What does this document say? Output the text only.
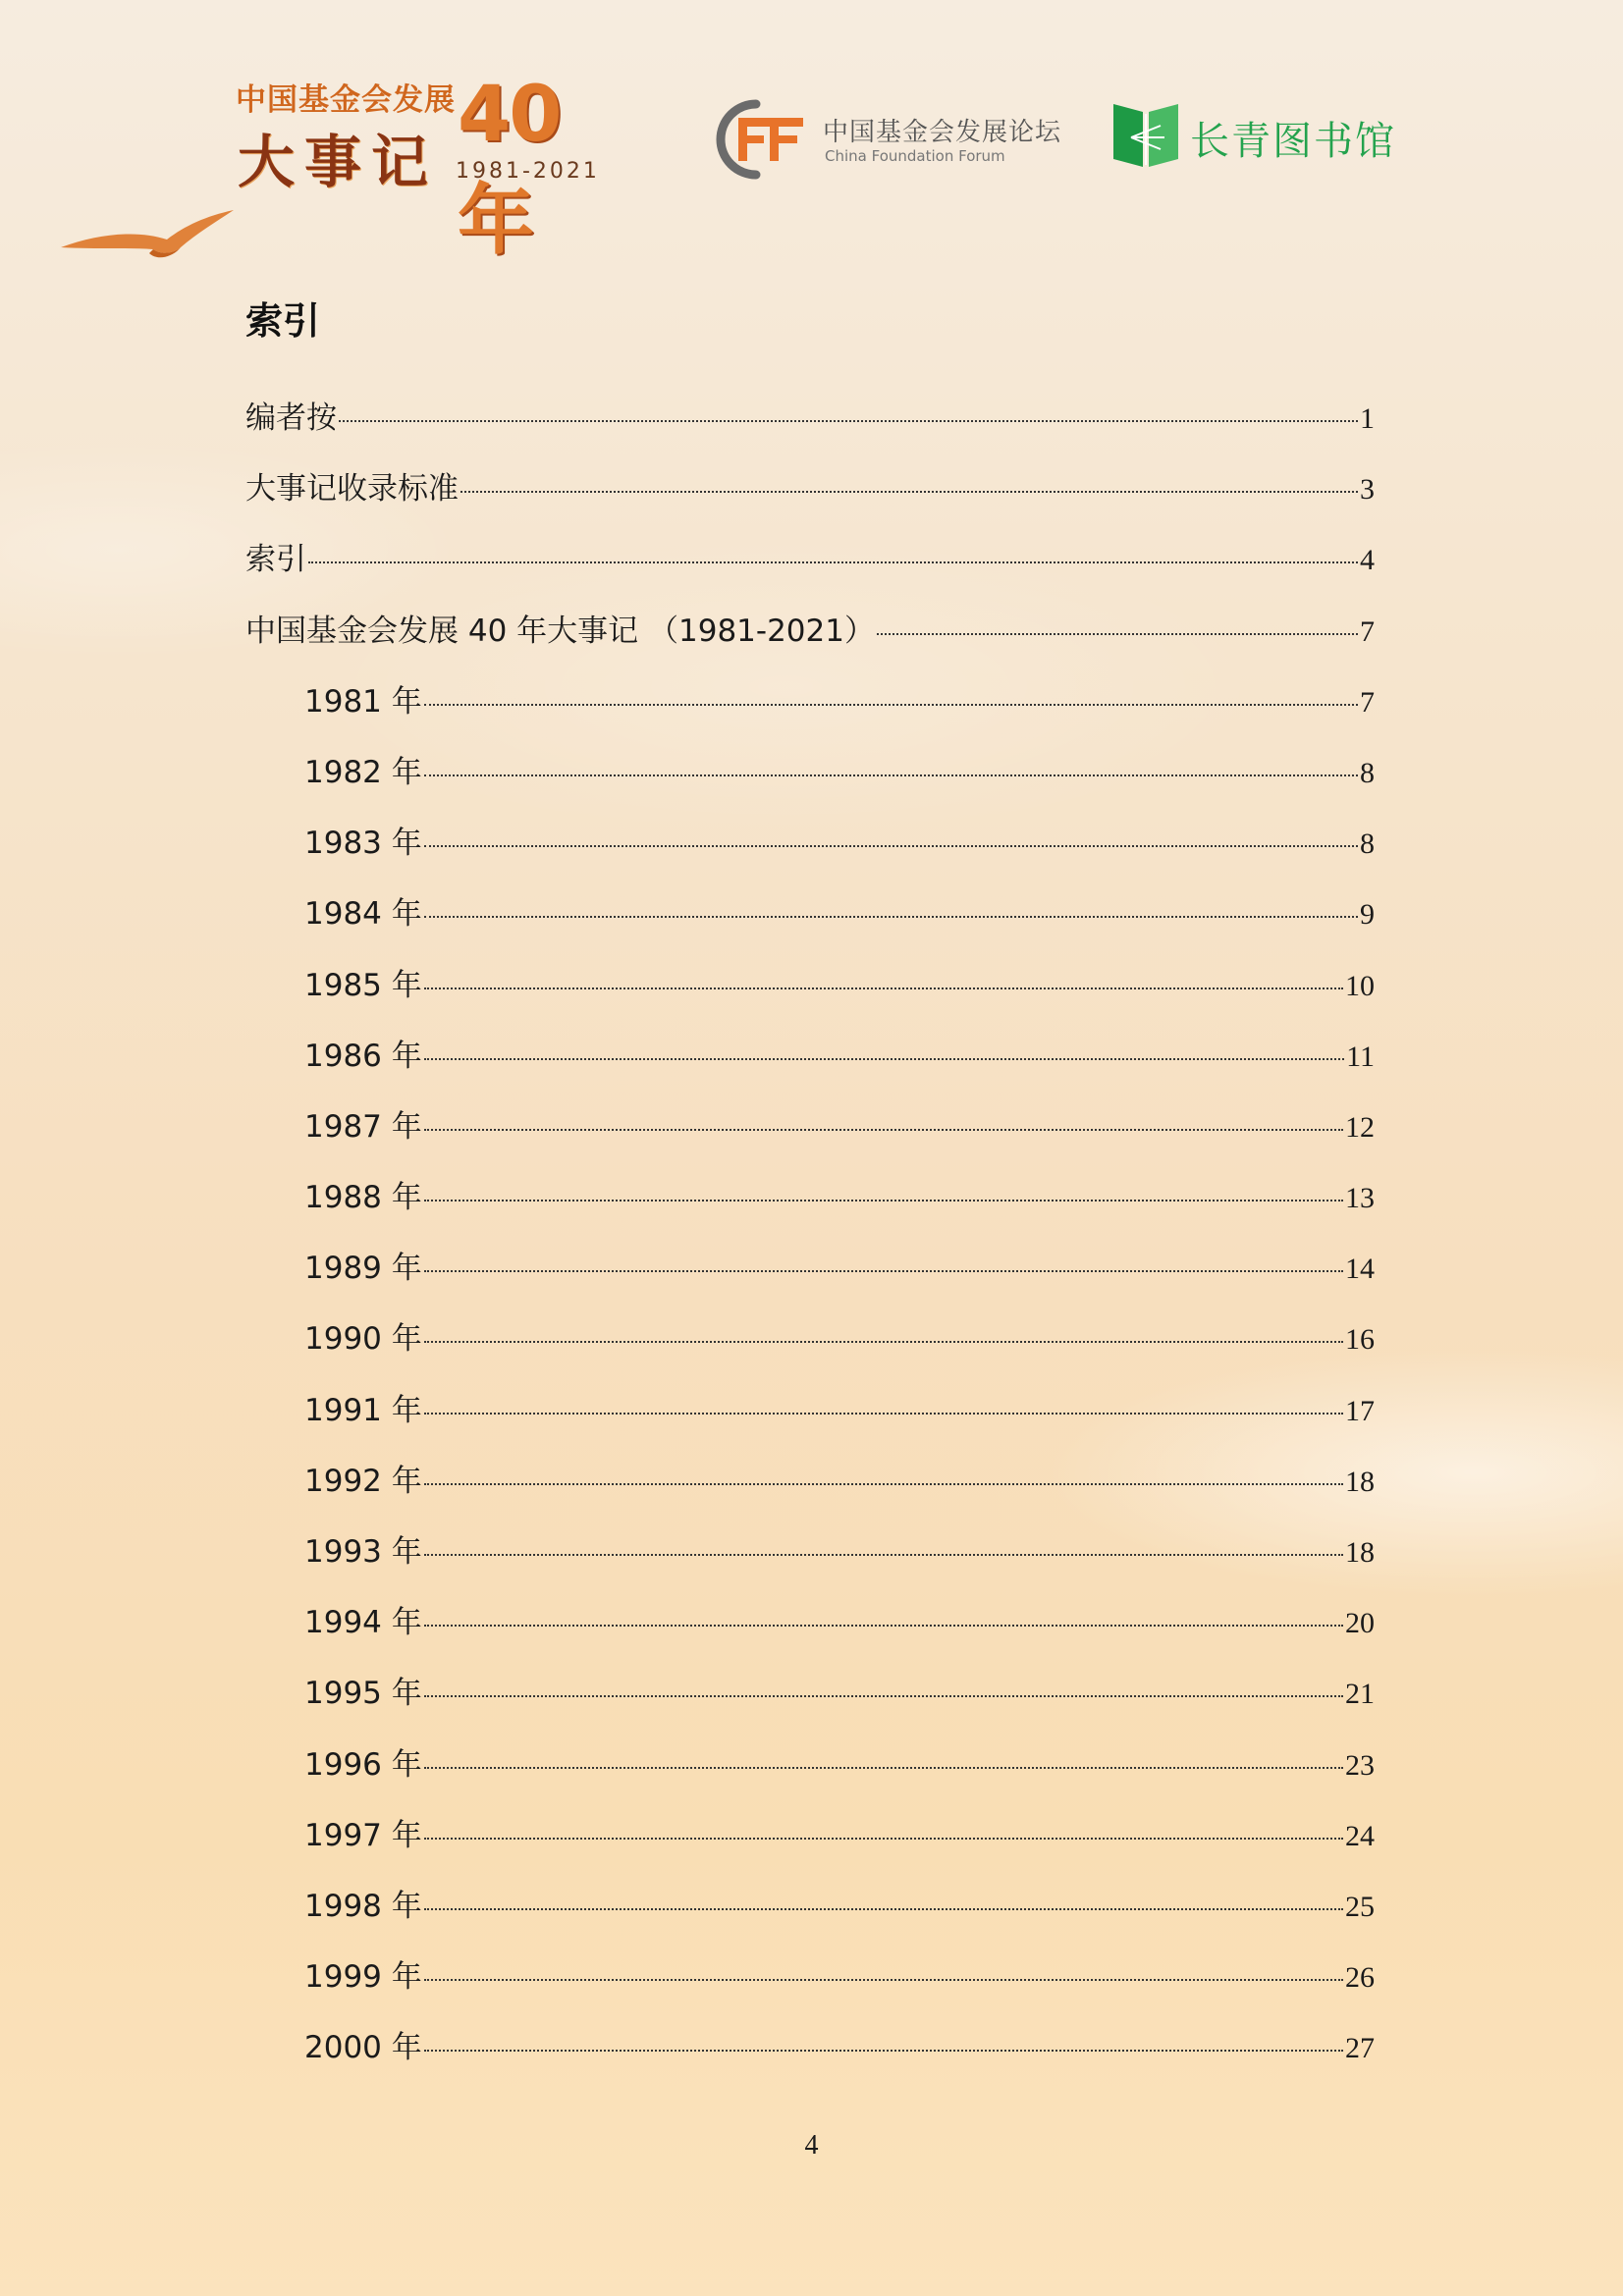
中国基金会发展
大事记
40年
1981-2021
中国基金会发展论坛
China Foundation Forum	长青图书馆
索引
编者按	1
大事记收录标准	3
索引	4
中国基金会发展 40 年大事记 （1981-2021）	7
1981 年	7
1982 年	8
1983 年	8
1984 年	9
1985 年	10
1986 年	11
1987 年	12
1988 年	13
1989 年	14
1990 年	16
1991 年	17
1992 年	18
1993 年	18
1994 年	20
1995 年	21
1996 年	23
1997 年	24
1998 年	25
1999 年	26
2000 年	27
4
